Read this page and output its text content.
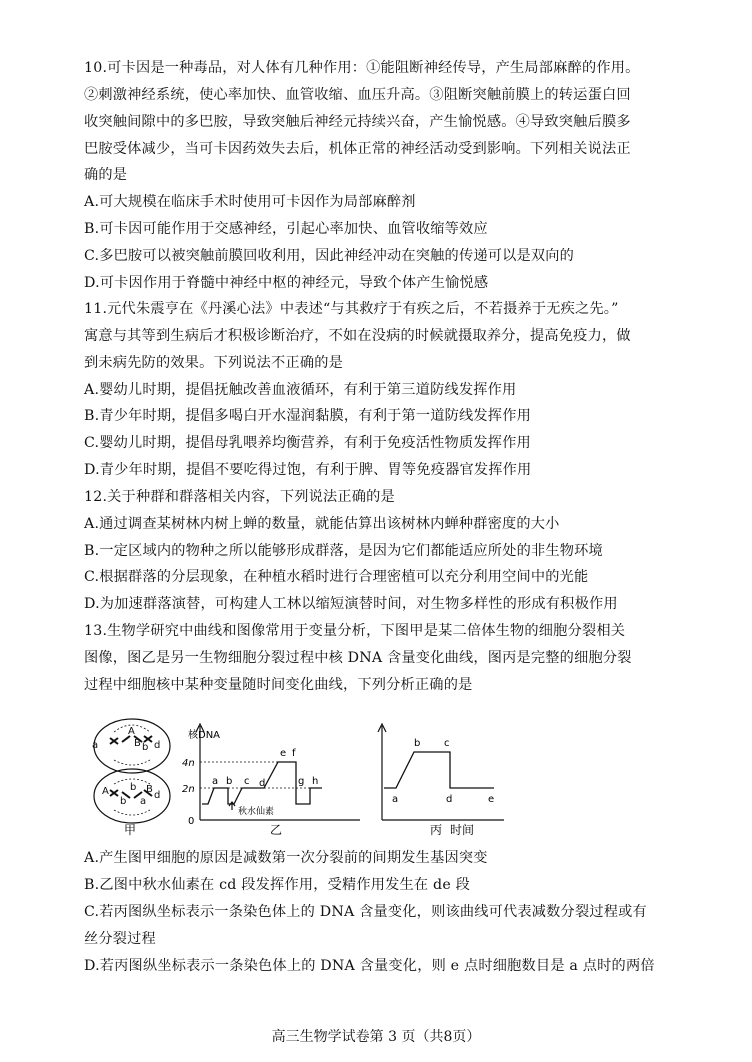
10.可卡因是一种毒品，对人体有几种作用：①能阻断神经传导，产生局部麻醉的作用。
②刺激神经系统，使心率加快、血管收缩、血压升高。③阻断突触前膜上的转运蛋白回
收突触间隙中的多巴胺，导致突触后神经元持续兴奋，产生愉悦感。④导致突触后膜多
巴胺受体减少，当可卡因药效失去后，机体正常的神经活动受到影响。下列相关说法正
确的是
A.可大规模在临床手术时使用可卡因作为局部麻醉剂
B.可卡因可能作用于交感神经，引起心率加快、血管收缩等效应
C.多巴胺可以被突触前膜回收利用，因此神经冲动在突触的传递可以是双向的
D.可卡因作用于脊髓中神经中枢的神经元，导致个体产生愉悦感
11.元代朱震亨在《丹溪心法》中表述“与其救疗于有疾之后，不若摄养于无疾之先。”
寓意与其等到生病后才积极诊断治疗，不如在没病的时候就摄取养分，提高免疫力，做
到未病先防的效果。下列说法不正确的是
A.婴幼儿时期，提倡抚触改善血液循环，有利于第三道防线发挥作用
B.青少年时期，提倡多喝白开水湿润黏膜，有利于第一道防线发挥作用
C.婴幼儿时期，提倡母乳喂养均衡营养，有利于免疫活性物质发挥作用
D.青少年时期，提倡不要吃得过饱，有利于脾、胃等免疫器官发挥作用
12.关于种群和群落相关内容，下列说法正确的是
A.通过调查某树林内树上蝉的数量，就能估算出该树林内蝉种群密度的大小
B.一定区域内的物种之所以能够形成群落，是因为它们都能适应所处的非生物环境
C.根据群落的分层现象，在种植水稻时进行合理密植可以充分利用空间中的光能
D.为加速群落演替，可构建人工林以缩短演替时间，对生物多样性的形成有积极作用
13.生物学研究中曲线和图像常用于变量分析，下图甲是某二倍体生物的细胞分裂相关
图像，图乙是另一生物细胞分裂过程中核 DNA 含量变化曲线，图丙是完整的细胞分裂
过程中细胞核中某种变量随时间变化曲线，下列分析正确的是
a
A
B b d
A
b
b
a
B
d
甲
核DNA
4n
2n
0
秋水仙素
a b c d
e f
g h
乙
a
b c
d	e
丙 时间
A.产生图甲细胞的原因是减数第一次分裂前的间期发生基因突变
B.乙图中秋水仙素在 cd 段发挥作用，受精作用发生在 de 段
C.若丙图纵坐标表示一条染色体上的 DNA 含量变化，则该曲线可代表减数分裂过程或有
丝分裂过程
D.若丙图纵坐标表示一条染色体上的 DNA 含量变化，则 e 点时细胞数目是 a 点时的两倍
高三生物学试卷第 3 页（共8页）
